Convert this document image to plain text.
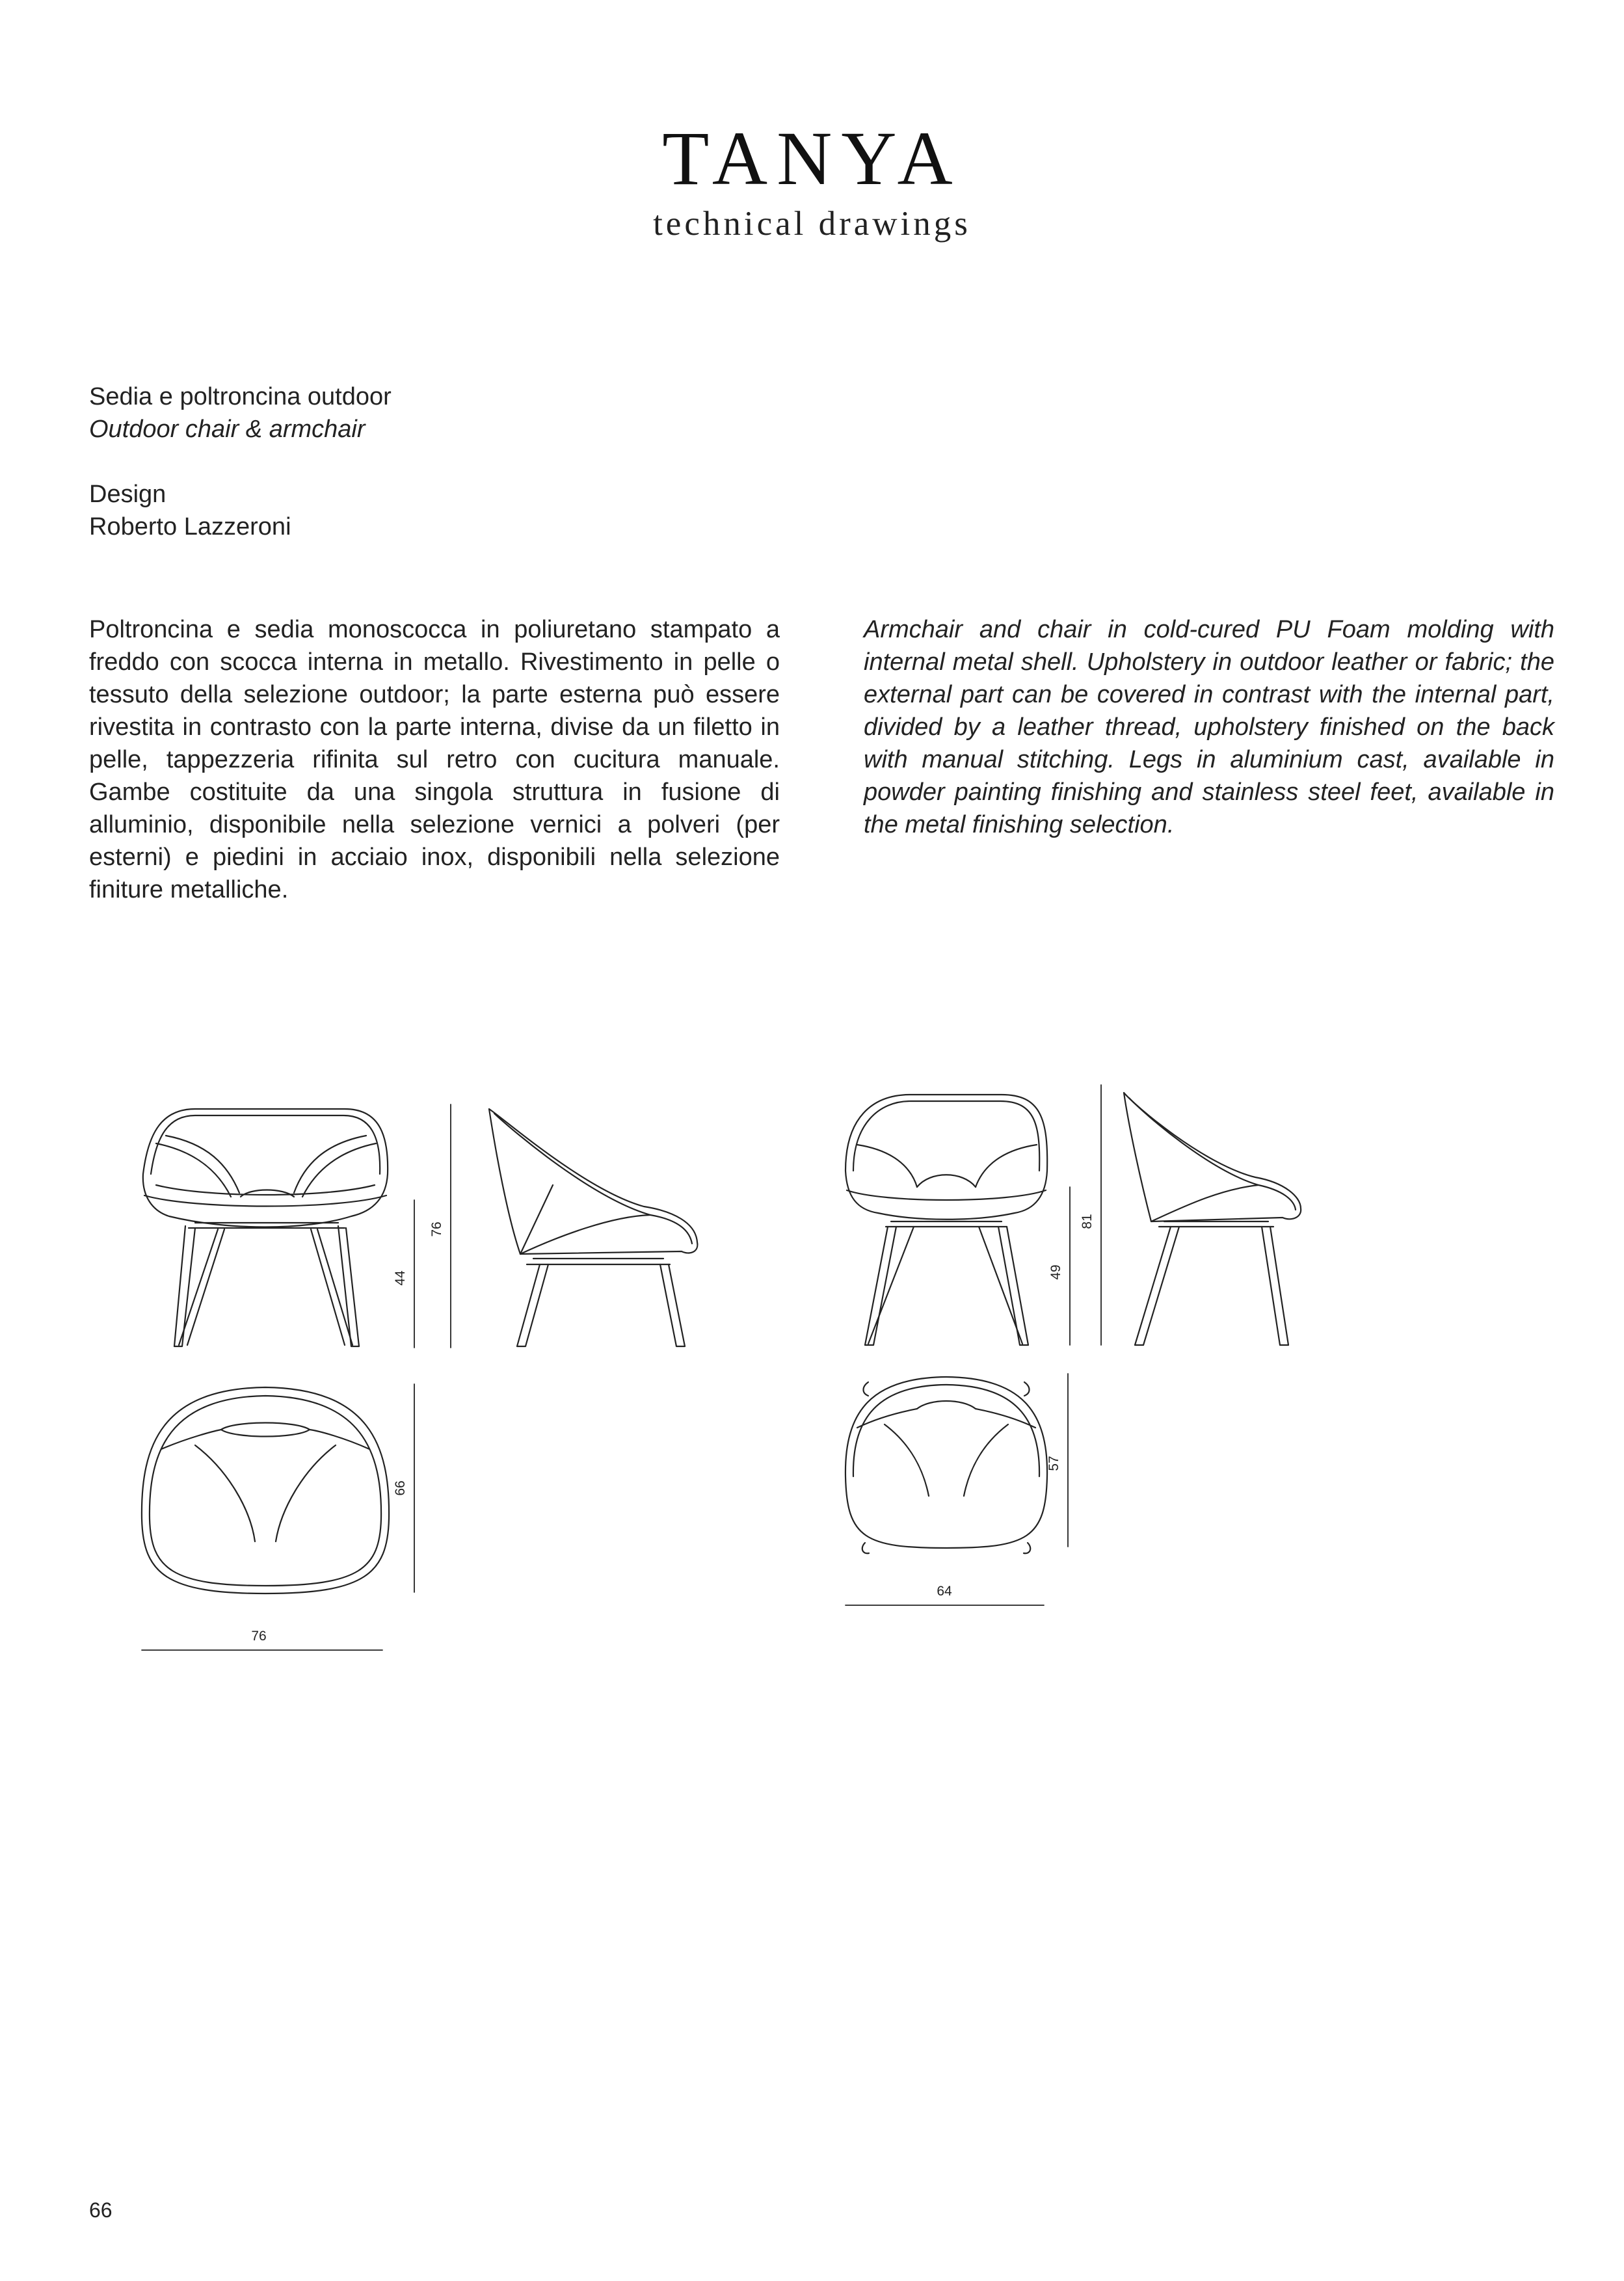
TANYA
technical drawings

Sedia e poltroncina outdoor

Outdoor chair & armchair

Design

Roberto Lazzeroni

Poltroncina e sedia monoscocca in poliuretano stampato a freddo con scocca interna in metallo. Rivestimento in pelle o tessuto della selezione outdoor; la parte esterna può essere rivestita in contrasto con la parte interna, divise da un filetto in pelle, tappezzeria rifinita sul retro con cucitura manuale. Gambe costituite da una singola struttura in fusione di alluminio, disponibile nella selezione vernici a polveri (per esterni) e piedini in acciaio inox, disponibili nella selezione finiture metalliche.

Armchair and chair in cold-cured PU Foam molding with internal metal shell. Upholstery in outdoor leather or fabric; the external part can be covered in contrast with the internal part, divided by a leather thread, upholstery finished on the back with manual stitching. Legs in aluminium cast, available in powder painting finishing and stainless steel feet, available in the metal finishing selection.

44
76
66
76
49
81
57
64
66
